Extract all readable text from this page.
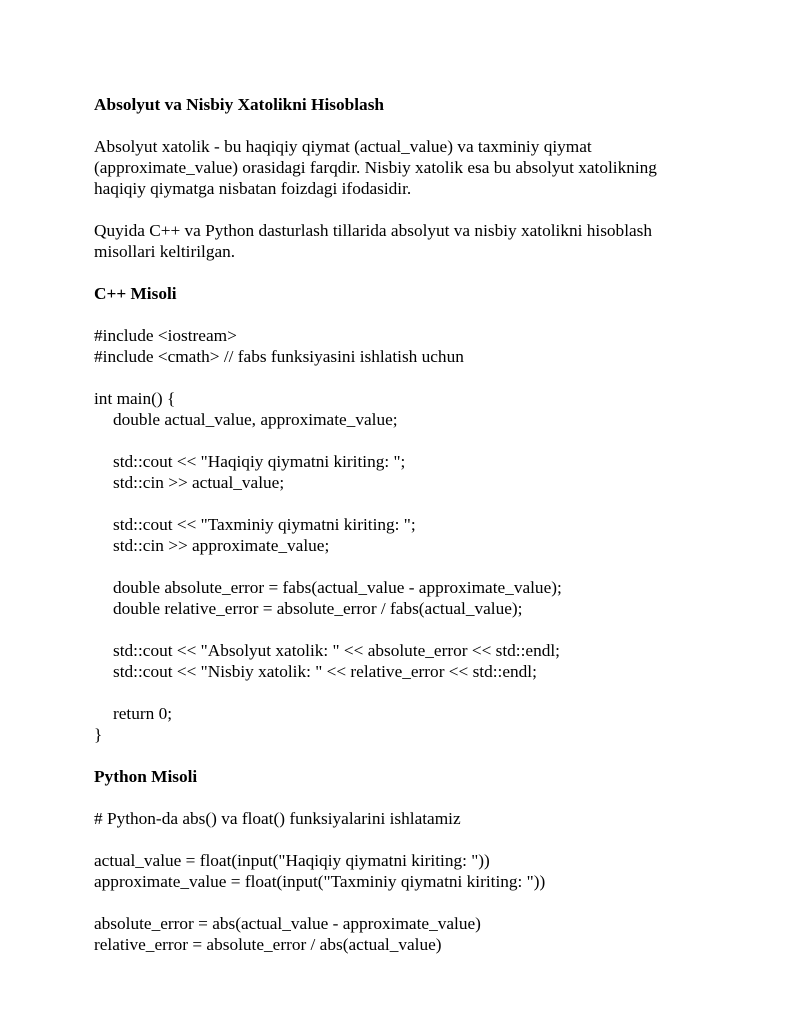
Absolyut va Nisbiy Xatolikni Hisoblash

Absolyut xatolik - bu haqiqiy qiymat (actual_value) va taxminiy qiymat
(approximate_value) orasidagi farqdir. Nisbiy xatolik esa bu absolyut xatolikning
haqiqiy qiymatga nisbatan foizdagi ifodasidir.

Quyida C++ va Python dasturlash tillarida absolyut va nisbiy xatolikni hisoblash
misollari keltirilgan.

C++ Misoli
#include <iostream>
#include <cmath> // fabs funksiyasini ishlatish uchun
int main() {
double actual_value, approximate_value;
std::cout << "Haqiqiy qiymatni kiriting: ";
std::cin >> actual_value;
std::cout << "Taxminiy qiymatni kiriting: ";
std::cin >> approximate_value;
double absolute_error = fabs(actual_value - approximate_value);
double relative_error = absolute_error / fabs(actual_value);
std::cout << "Absolyut xatolik: " << absolute_error << std::endl;
std::cout << "Nisbiy xatolik: " << relative_error << std::endl;
return 0;
}
Python Misoli
# Python-da abs() va float() funksiyalarini ishlatamiz
actual_value = float(input("Haqiqiy qiymatni kiriting: "))
approximate_value = float(input("Taxminiy qiymatni kiriting: "))
absolute_error = abs(actual_value - approximate_value)
relative_error = absolute_error / abs(actual_value)
